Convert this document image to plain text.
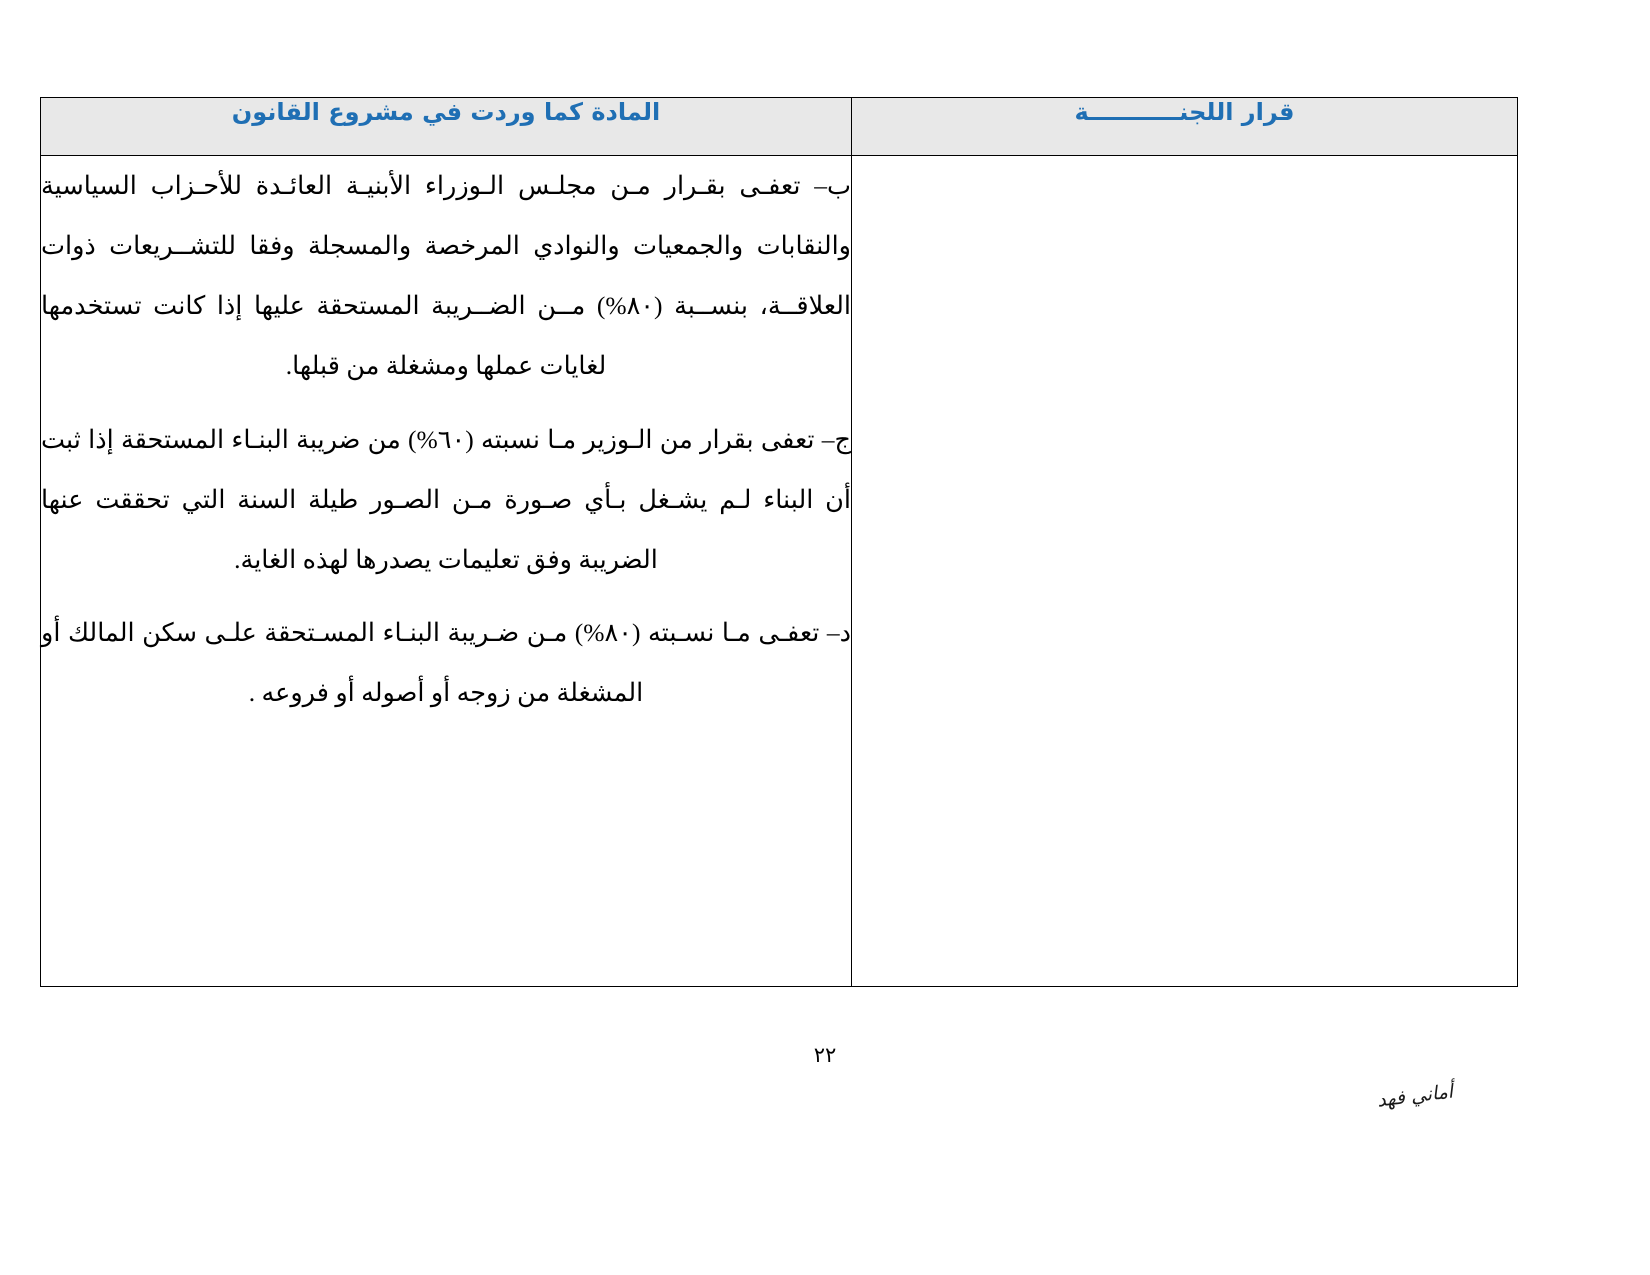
قرار اللجنـــــــــــة	المادة كما وردت في مشروع القانون

	ب– تعفـى بقـرار مـن مجلـس الـوزراء الأبنيـة العائـدة للأحـزاب السياسية والنقابات والجمعيات والنوادي المرخصة والمسجلة وفقا للتشــريعات ذوات العلاقــة، بنســبة (٨٠%) مــن الضــريبة المستحقة عليها إذا كانت تستخدمها لغايات عملها ومشغلة من قبلها.

ج– تعفى بقرار من الـوزير مـا نسبته (٦٠%) من ضريبة البنـاء المستحقة إذا ثبت أن البناء لـم يشـغل بـأي صـورة مـن الصـور طيلة السنة التي تحققت عنها الضريبة وفق تعليمات يصدرها لهذه الغاية.

د– تعفـى مـا نسـبته (٨٠%) مـن ضـريبة البنـاء المسـتحقة علـى سكن المالك أو المشغلة من زوجه أو أصوله أو فروعه .

٢٢
أماني فهد
